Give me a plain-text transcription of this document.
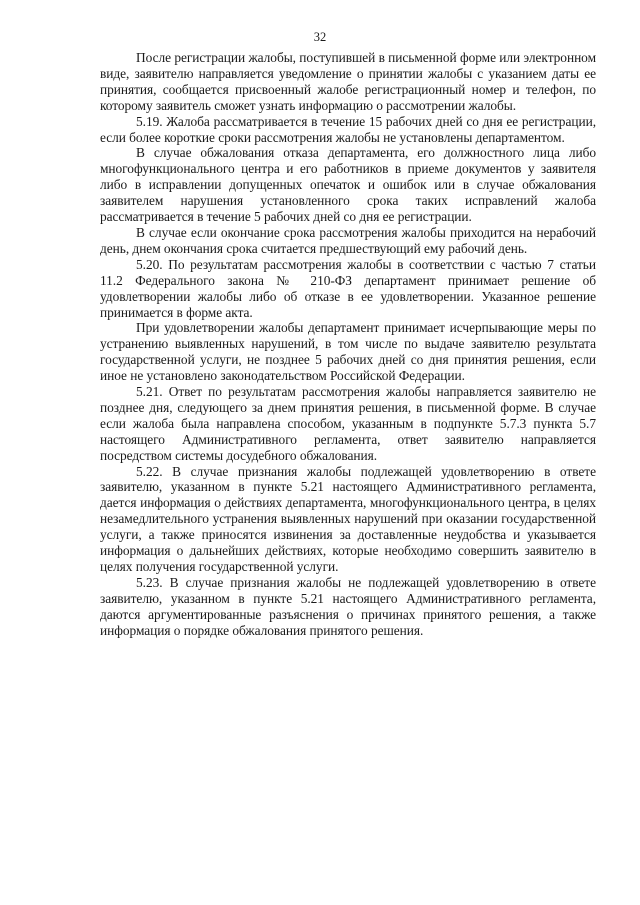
32

После регистрации жалобы, поступившей в письменной форме или электронном виде, заявителю направляется уведомление о принятии жалобы с указанием даты ее принятия, сообщается присвоенный жалобе регистрационный номер и телефон, по которому заявитель сможет узнать информацию о рассмотрении жалобы.

5.19. Жалоба рассматривается в течение 15 рабочих дней со дня ее регистрации, если более короткие сроки рассмотрения жалобы не установлены департаментом.

В случае обжалования отказа департамента, его должностного лица либо многофункционального центра и его работников в приеме документов у заявителя либо в исправлении допущенных опечаток и ошибок или в случае обжалования заявителем нарушения установленного срока таких исправлений жалоба рассматривается в течение 5 рабочих дней со дня ее регистрации.

В случае если окончание срока рассмотрения жалобы приходится на нерабочий день, днем окончания срока считается предшествующий ему рабочий день.

5.20. По результатам рассмотрения жалобы в соответствии с частью 7 статьи 11.2 Федерального закона № 210-ФЗ департамент принимает решение об удовлетворении жалобы либо об отказе в ее удовлетворении. Указанное решение принимается в форме акта.

При удовлетворении жалобы департамент принимает исчерпывающие меры по устранению выявленных нарушений, в том числе по выдаче заявителю результата государственной услуги, не позднее 5 рабочих дней со дня принятия решения, если иное не установлено законодательством Российской Федерации.

5.21. Ответ по результатам рассмотрения жалобы направляется заявителю не позднее дня, следующего за днем принятия решения, в письменной форме. В случае если жалоба была направлена способом, указанным в подпункте 5.7.3 пункта 5.7 настоящего Административного регламента, ответ заявителю направляется посредством системы досудебного обжалования.

5.22. В случае признания жалобы подлежащей удовлетворению в ответе заявителю, указанном в пункте 5.21 настоящего Административного регламента, дается информация о действиях департамента, многофункционального центра, в целях незамедлительного устранения выявленных нарушений при оказании государственной услуги, а также приносятся извинения за доставленные неудобства и указывается информация о дальнейших действиях, которые необходимо совершить заявителю в целях получения государственной услуги.

5.23. В случае признания жалобы не подлежащей удовлетворению в ответе заявителю, указанном в пункте 5.21 настоящего Административного регламента, даются аргументированные разъяснения о причинах принятого решения, а также информация о порядке обжалования принятого решения.
